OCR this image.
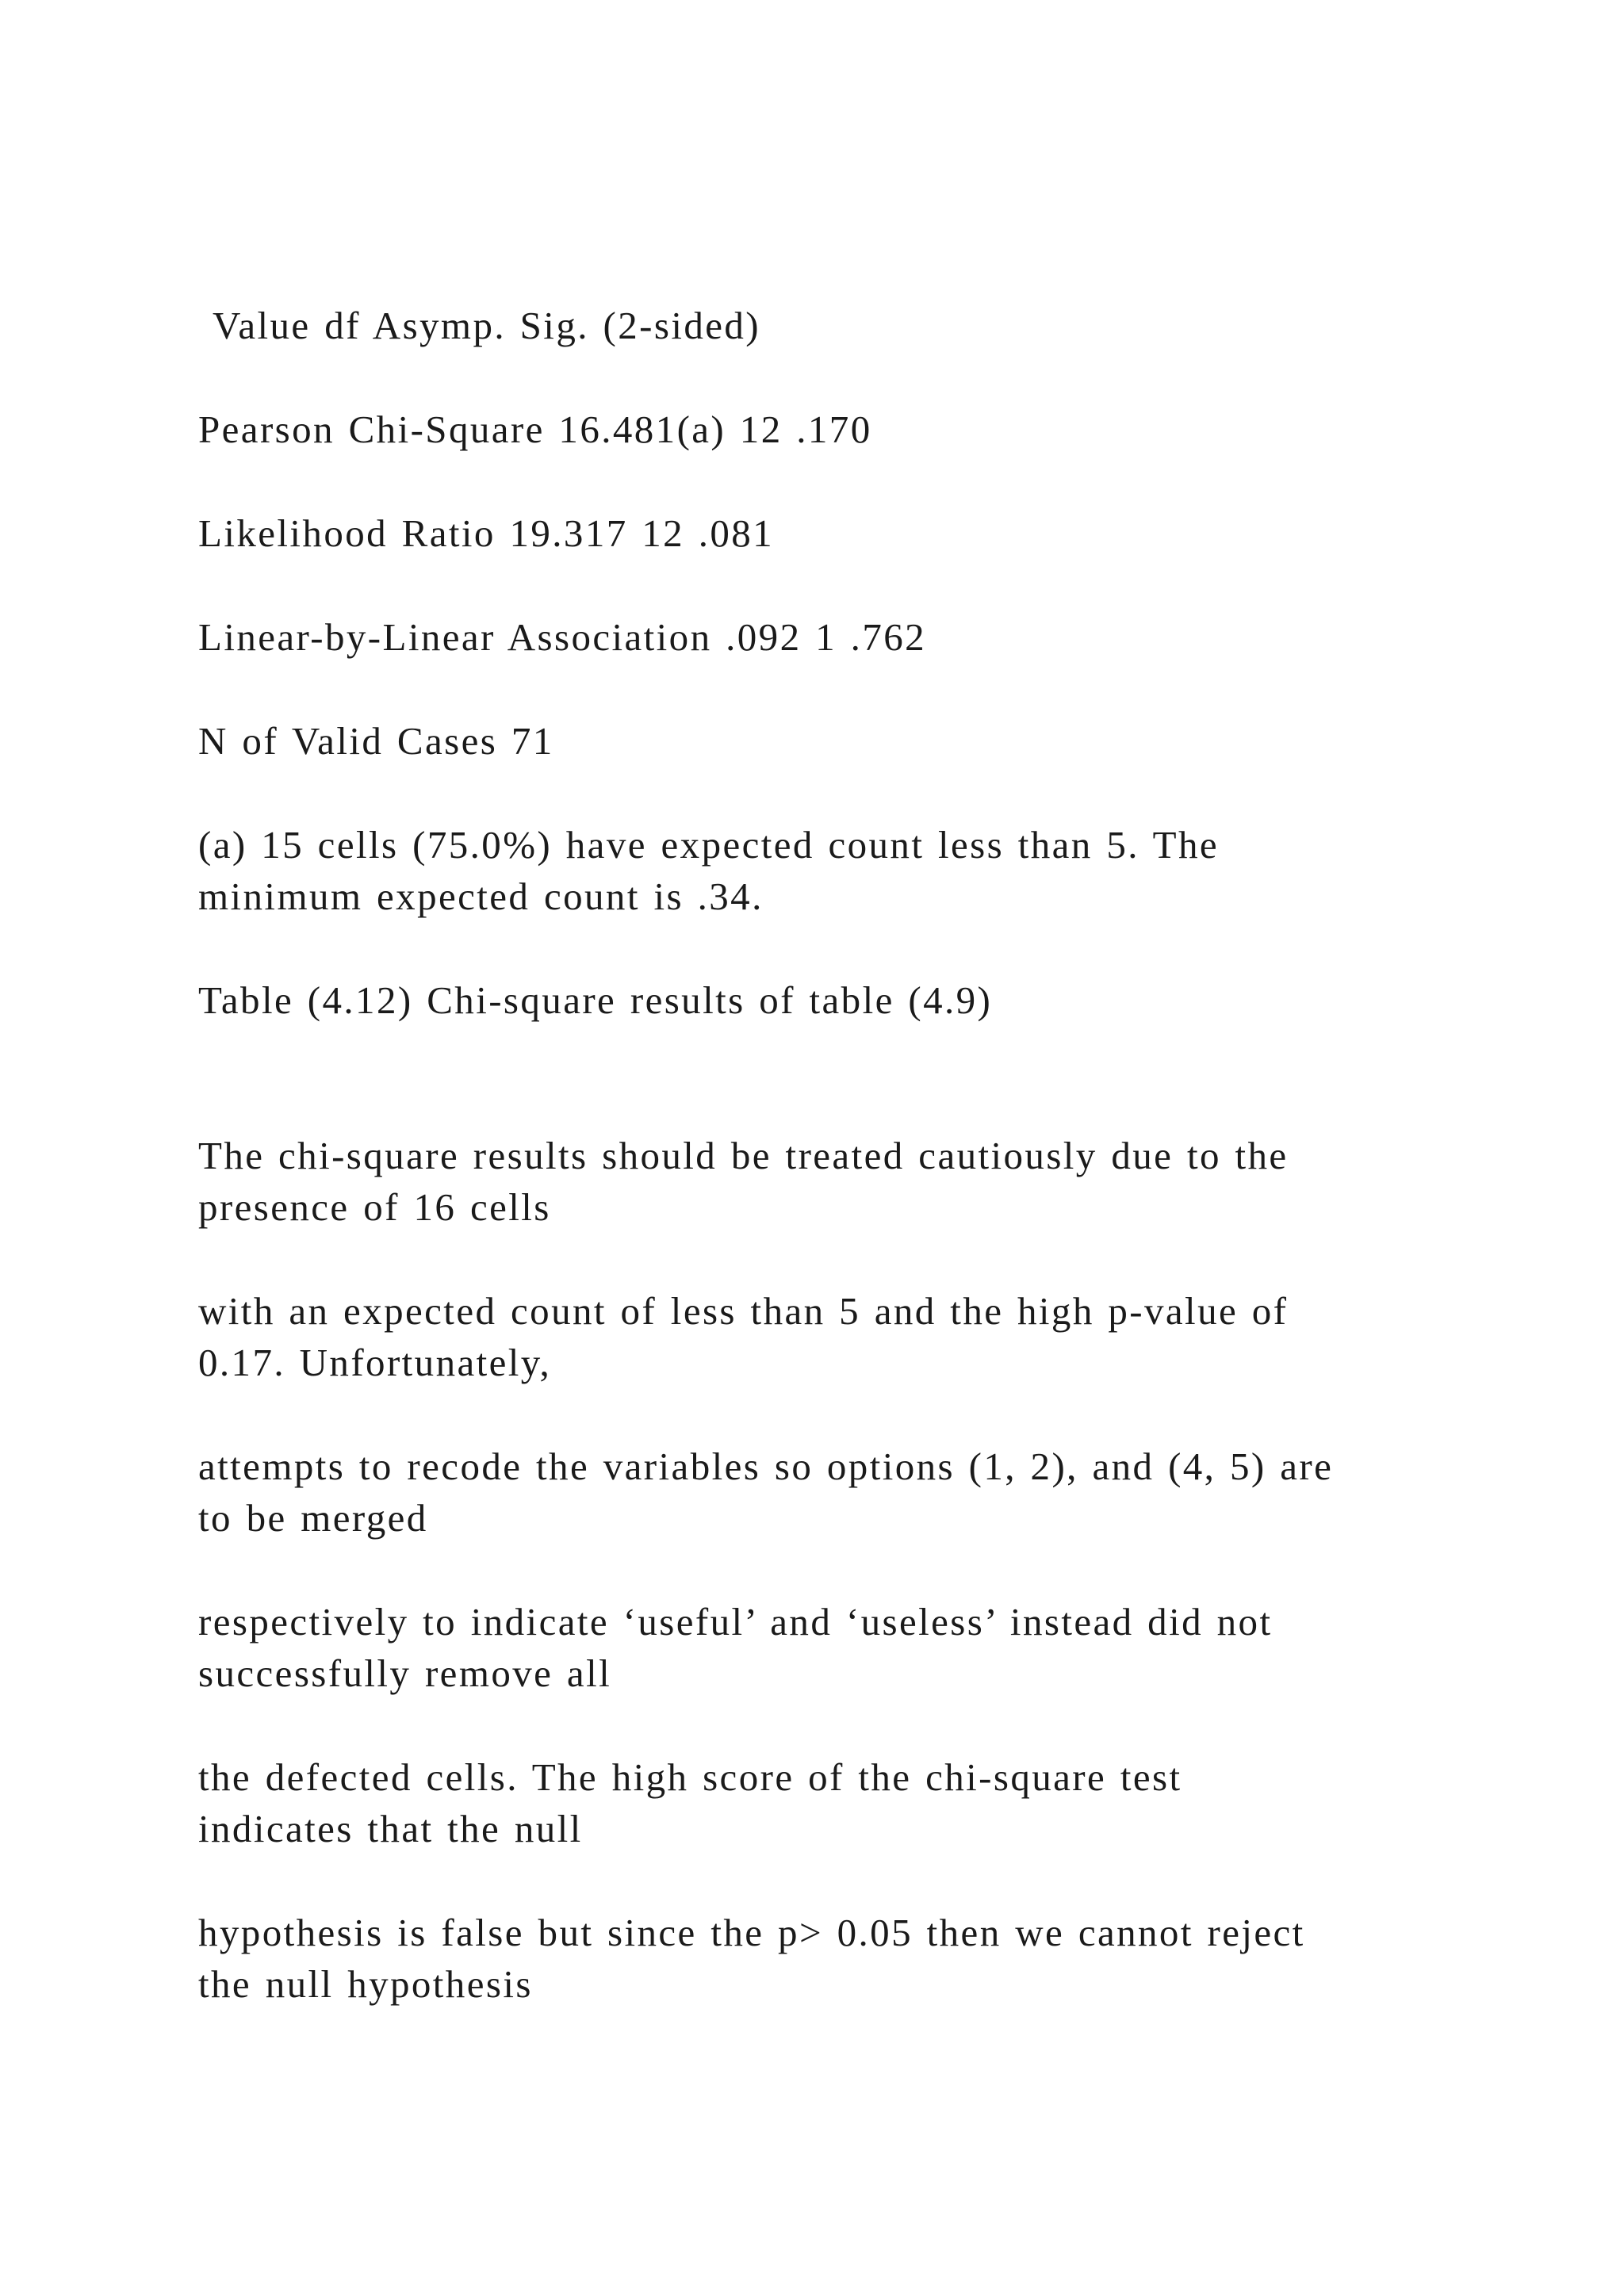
Value df Asymp. Sig. (2-sided)

Pearson Chi-Square 16.481(a) 12 .170

Likelihood Ratio 19.317 12 .081

Linear-by-Linear Association .092 1 .762

N of Valid Cases 71

(a) 15 cells (75.0%) have expected count less than 5. The
minimum expected count is .34.

Table (4.12) Chi-square results of table (4.9)

The chi-square results should be treated cautiously due to the
presence of 16 cells

with an expected count of less than 5 and the high p-value of
0.17. Unfortunately,

attempts to recode the variables so options (1, 2), and (4, 5) are
to be merged

respectively to indicate ‘useful’ and ‘useless’ instead did not
successfully remove all

the defected cells. The high score of the chi-square test
indicates that the null

hypothesis is false but since the p> 0.05 then we cannot reject
the null hypothesis
